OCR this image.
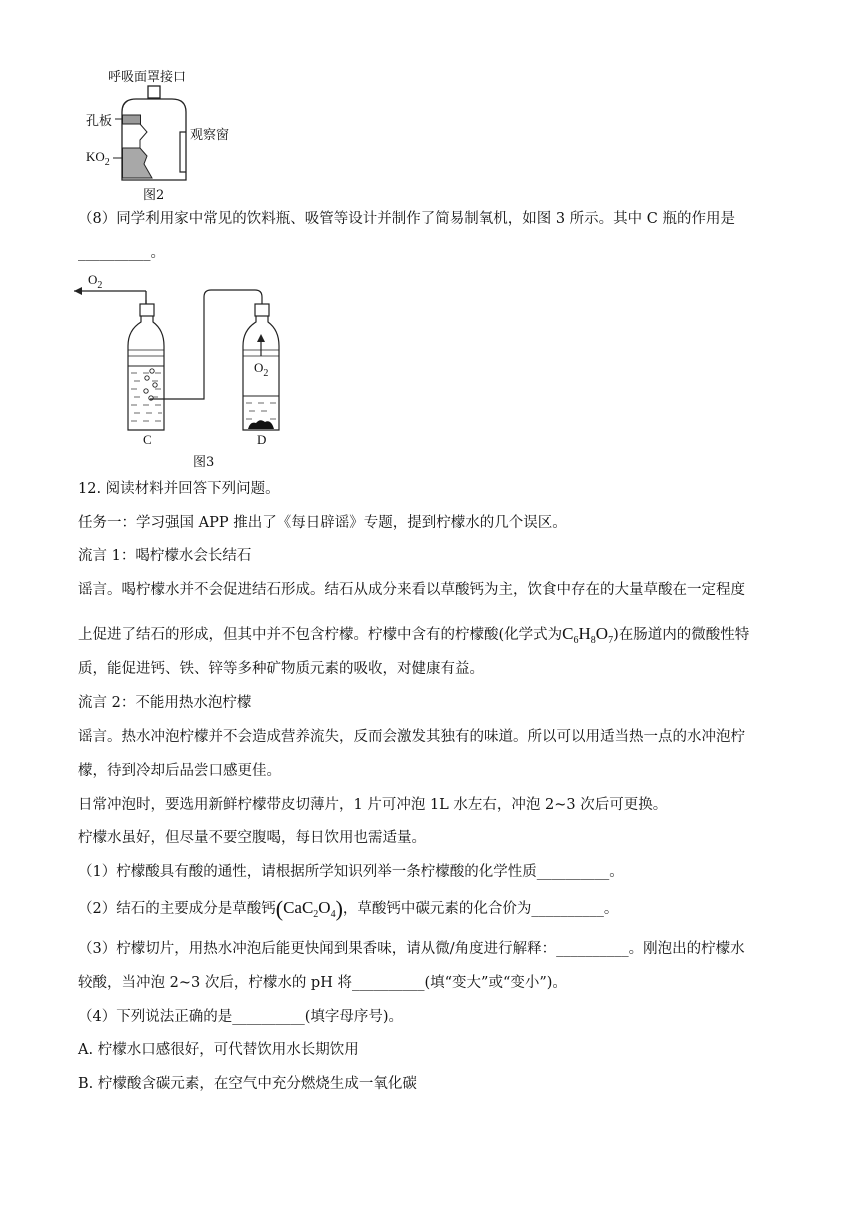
呼吸面罩接口
孔板
观察窗
$KO_2$
图2
（8）同学利用家中常见的饮料瓶、吸管等设计并制作了简易制氧机，如图 3 所示。其中 C 瓶的作用是
__________。
$O_2$
$O_2$
C	D
图3
12. 阅读材料并回答下列问题。
任务一：学习强国 APP 推出了《每日辟谣》专题，提到柠檬水的几个误区。
流言 1：喝柠檬水会长结石
谣言。喝柠檬水并不会促进结石形成。结石从成分来看以草酸钙为主，饮食中存在的大量草酸在一定程度
上促进了结石的形成，但其中并不包含柠檬。柠檬中含有的柠檬酸(化学式为$C_6H_8O_7$)在肠道内的微酸性特
质，能促进钙、铁、锌等多种矿物质元素的吸收，对健康有益。
流言 2：不能用热水泡柠檬
谣言。热水冲泡柠檬并不会造成营养流失，反而会激发其独有的味道。所以可以用适当热一点的水冲泡柠
檬，待到冷却后品尝口感更佳。
日常冲泡时，要选用新鲜柠檬带皮切薄片，1 片可冲泡 1L 水左右，冲泡 2~3 次后可更换。
柠檬水虽好，但尽量不要空腹喝，每日饮用也需适量。
（1）柠檬酸具有酸的通性，请根据所学知识列举一条柠檬酸的化学性质__________。
（2）结石的主要成分是草酸钙$(CaC_2O_4)$，草酸钙中碳元素的化合价为__________。
（3）柠檬切片，用热水冲泡后能更快闻到果香味，请从微/角度进行解释：__________。刚泡出的柠檬水
较酸，当冲泡 2~3 次后，柠檬水的 pH 将__________(填“变大”或“变小”)。
（4）下列说法正确的是__________(填字母序号)。
A. 柠檬水口感很好，可代替饮用水长期饮用
B. 柠檬酸含碳元素，在空气中充分燃烧生成一氧化碳
